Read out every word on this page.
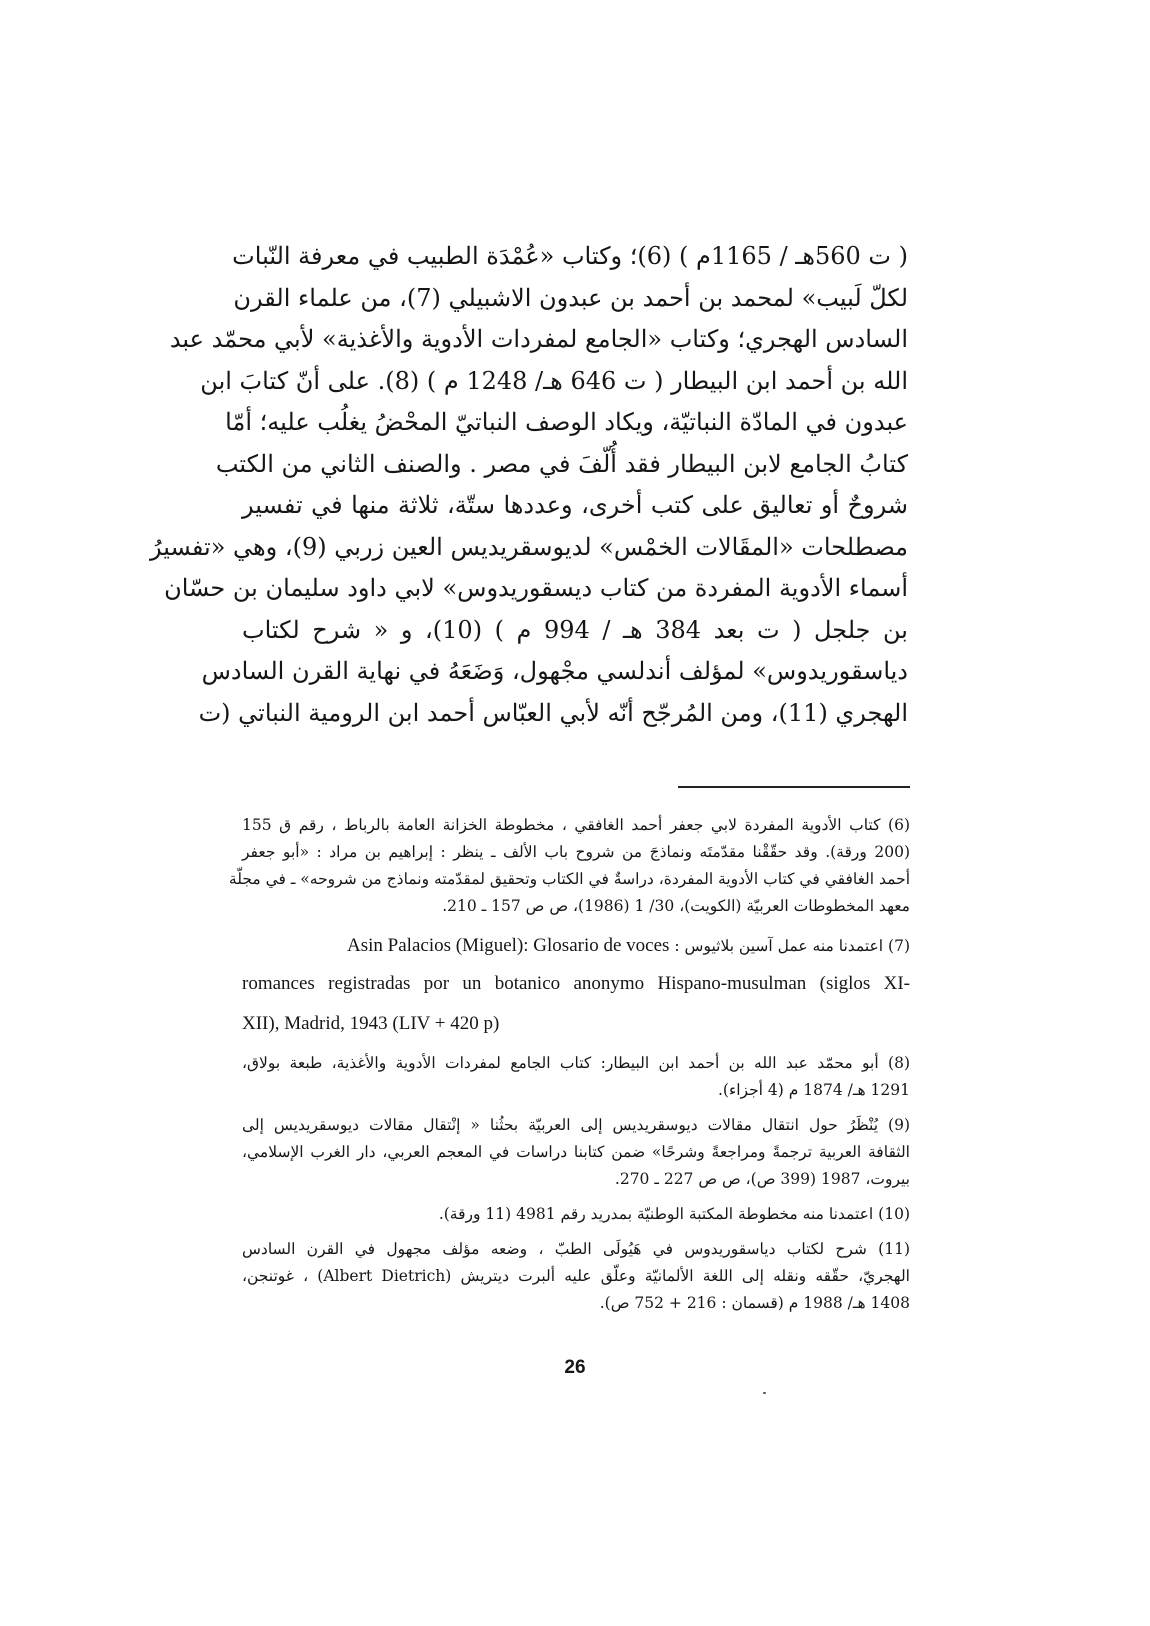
( ت 560هـ / 1165م ) (6)؛ وكتاب «عُمْدَة الطبيب في معرفة النّبات
لكلّ لَبيب» لمحمد بن أحمد بن عبدون الاشبيلي (7)، من علماء القرن
السادس الهجري؛ وكتاب «الجامع لمفردات الأدوية والأغذية» لأبي محمّد عبد
الله بن أحمد ابن البيطار ( ت 646 هـ/ 1248 م ) (8). على أنّ كتابَ ابن
عبدون في المادّة النباتيّة، ويكاد الوصف النباتيّ المحْضُ يغلُب عليه؛ أمّا
كتابُ الجامع لابن البيطار فقد أُلّفَ في مصر . والصنف الثاني من الكتب
شروحٌ أو تعاليق على كتب أخرى، وعددها ستّة، ثلاثة منها في تفسير
مصطلحات «المقَالات الخمْس» لديوسقريديس العين زربي (9)، وهي «تفسيرُ
أسماء الأدوية المفردة من كتاب ديسقوريدوس» لابي داود سليمان بن حسّان
بن جلجل ( ت بعد 384 هـ / 994 م ) (10)، و « شرح لكتاب
دياسقوريدوس» لمؤلف أندلسي مجْهول، وَضَعَهُ في نهاية القرن السادس
الهجري (11)، ومن المُرجّح أنّه لأبي العبّاس أحمد ابن الرومية النباتي (ت
(6) كتاب الأدوية المفردة لابي جعفر أحمد الغافقي ، مخطوطة الخزانة العامة بالرباط ، رقم ق 155
(200 ورقة). وقد حقّقْنا مقدّمتَه ونماذجَ من شروح باب الألف ـ ينظر : إبراهيم بن مراد : «أبو جعفر
أحمد الغافقي في كتاب الأدوية المفردة، دراسةٌ في الكتاب وتحقيق لمقدّمته ونماذج من شروحه» ـ في مجلّة
معهد المخطوطات العربيّة (الكويت)، 30/ 1 (1986)، ص ص 157 ـ 210.
(7) اعتمدنا منه عمل آسين بلاثيوس : Asin Palacios (Miguel): Glosario de voces
romances registradas por un botanico anonymo Hispano-musulman (siglos XI-
XII), Madrid, 1943 (LIV + 420 p)
(8) أبو محمّد عبد الله بن أحمد ابن البيطار: كتاب الجامع لمفردات الأدوية والأغذية، طبعة بولاق،
1291 هـ/ 1874 م (4 أجزاء).
(9) يُنْظَرُ حول انتقال مقالات ديوسقريديس إلى العربيّة بحثُنا « إنْتقال مقالات ديوسقريديس إلى
الثقافة العربية ترجمةً ومراجعةً وشرحًا» ضمن كتابنا دراسات في المعجم العربي، دار الغرب الإسلامي،
بيروت، 1987 (399 ص)، ص ص 227 ـ 270.
(10) اعتمدنا منه مخطوطة المكتبة الوطنيّة بمدريد رقم 4981 (11 ورقة).
(11) شرح لكتاب دياسقوريدوس في هَيُولَى الطبّ ، وضعه مؤلف مجهول في القرن السادس
الهجريّ، حقّقه ونقله إلى اللغة الألمانيّة وعلّق عليه ألبرت ديتريش (Albert Dietrich) ، غوتنجن،
1408 هـ/ 1988 م (قسمان : 216 + 752 ص).
26
